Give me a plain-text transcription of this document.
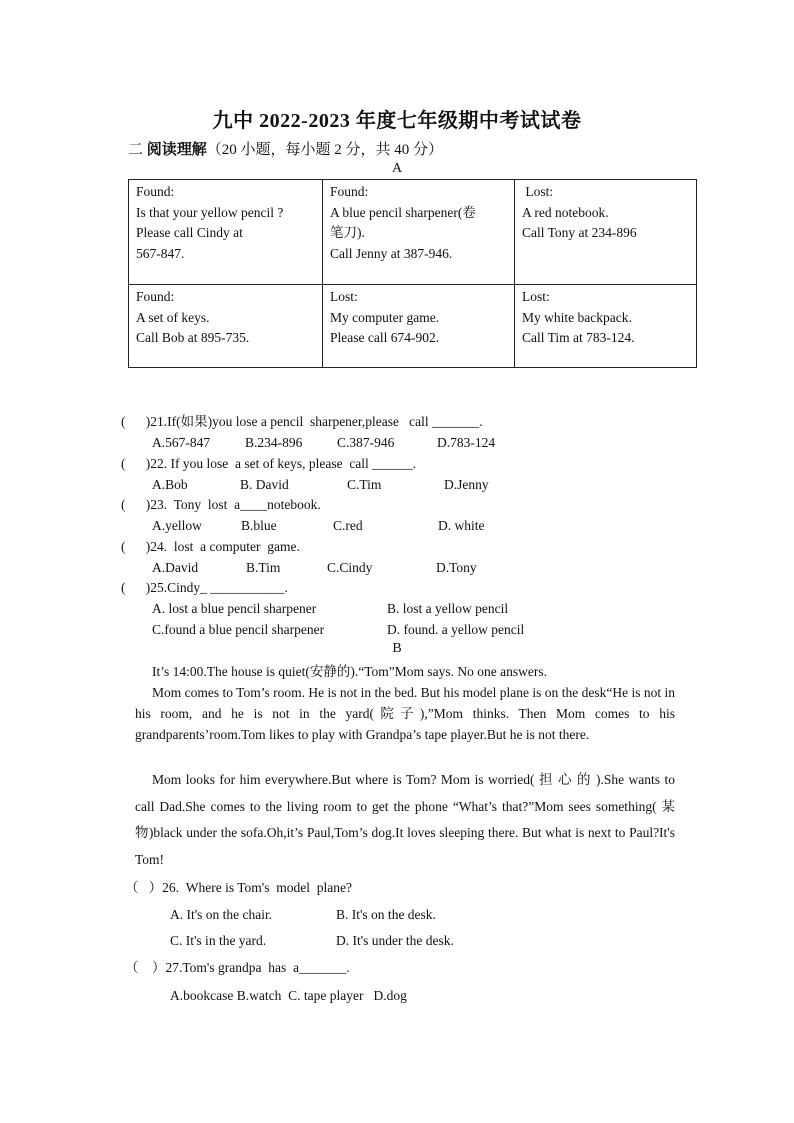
九中 2022-2023 年度七年级期中考试试卷
二 阅读理解（20 小题，每小题 2 分，共 40 分）
A
Found:
Is that your yellow pencil ?
Please call Cindy at
567-847.	Found:
A blue pencil sharpener(卷
笔刀).
Call Jenny at 387-946.	Lost:
A red notebook.
Call Tony at 234-896

Found:
A set of keys.
Call Bob at 895-735.	Lost:
My computer game.
Please call 674-902.	Lost:
My white backpack.
Call Tim at 783-124.
(      )21.If(如果)you lose a pencil  sharpener,please   call _______.
A.567-847	B.234-896	C.387-946	D.783-124
(      )22. If you lose  a set of keys, please  call ______.
A.Bob	B. David	C.Tim	D.Jenny
(      )23.  Tony  lost  a____notebook.
A.yellow	B.blue	C.red	D. white
(      )24.  lost  a computer  game.
A.David	B.Tim	C.Cindy	D.Tony
(      )25.Cindy_ ___________.
A. lost a blue pencil sharpener	B. lost a yellow pencil
C.found a blue pencil sharpener	D. found. a yellow pencil
B

It’s 14:00.The house is quiet(安静的).“Tom”Mom says. No one answers.

Mom comes to Tom’s room. He is not in the bed. But his model plane is on the desk“He is not in his room, and he is not in the yard(院子),”Mom thinks. Then Mom comes to his grandparents’room.Tom likes to play with Grandpa’s tape player.But he is not there.

Mom looks for him everywhere.But where is Tom? Mom is worried( 担 心 的 ).She wants to call Dad.She comes to the living room to get the phone “What’s that?”Mom sees something( 某物)black under the sofa.Oh,it’s Paul,Tom’s dog.It loves sleeping there. But what is next to Paul?It's Tom!

（   ）26.  Where is Tom's  model  plane?
A. It's on the chair.	B. It's on the desk.
C. It's in the yard.	D. It's under the desk.
（    ）27.Tom's grandpa  has  a_______.
A.bookcase B.watch  C. tape player   D.dog
